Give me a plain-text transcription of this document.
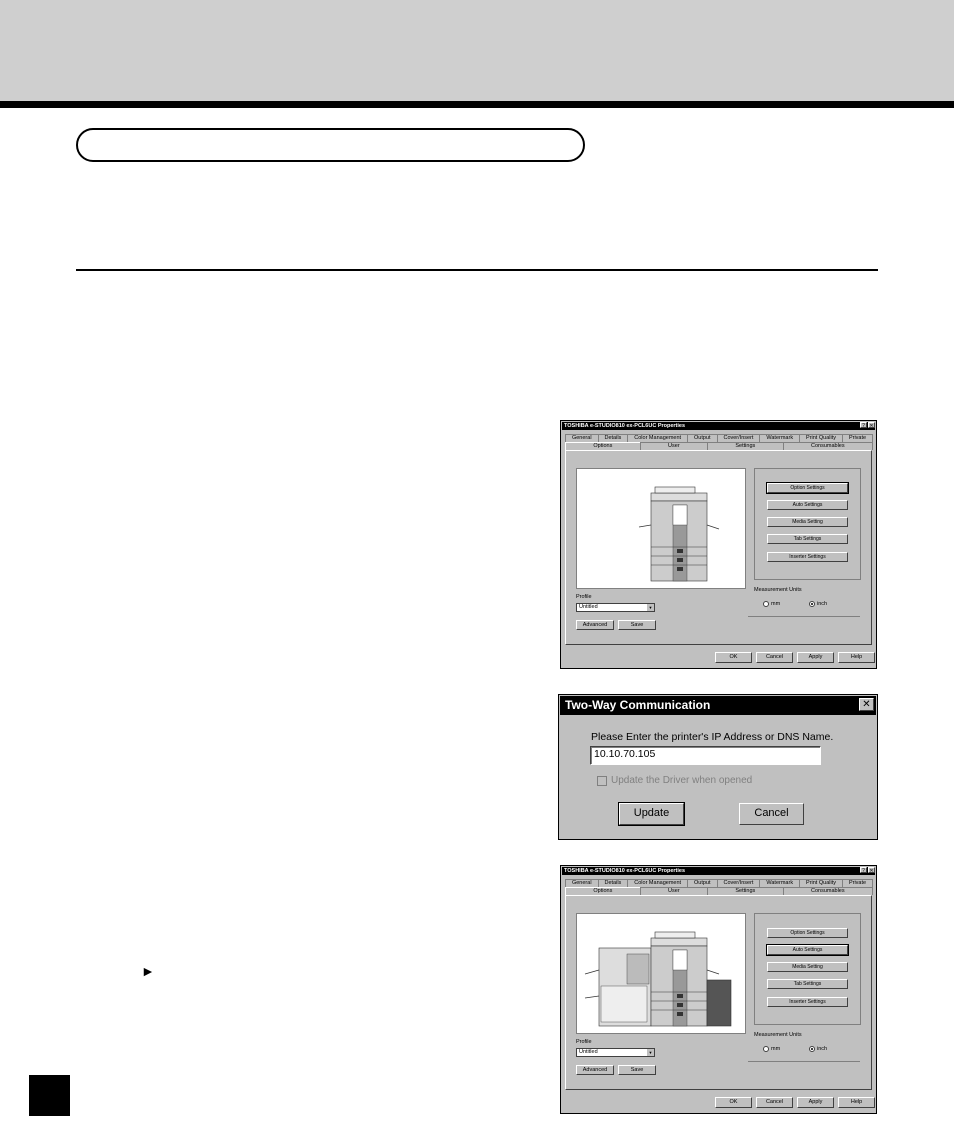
►
TOSHIBA e-STUDIO810 ex-PCL6UC Properties	? ✕
General	Details	Color Management	Output	Cover/Insert	Watermark	Print Quality	Private
Options	User	Settings	Consumables
Option Settings
Auto Settings
Media Setting
Tab Settings
Inserter Settings
Measurement Units
mm	inch
Profile
Untitled	▼
Advanced	Save
OK	Cancel	Apply	Help
Two-Way Communication	✕
Please Enter the printer's IP Address or DNS Name.
10.10.70.105
Update the Driver when opened
Update	Cancel
TOSHIBA e-STUDIO810 ex-PCL6UC Properties	? ✕
General	Details	Color Management	Output	Cover/Insert	Watermark	Print Quality	Private
Options	User	Settings	Consumables
Option Settings
Auto Settings
Media Setting
Tab Settings
Inserter Settings
Measurement Units
mm	inch
Profile
Untitled	▼
Advanced	Save
OK	Cancel	Apply	Help
